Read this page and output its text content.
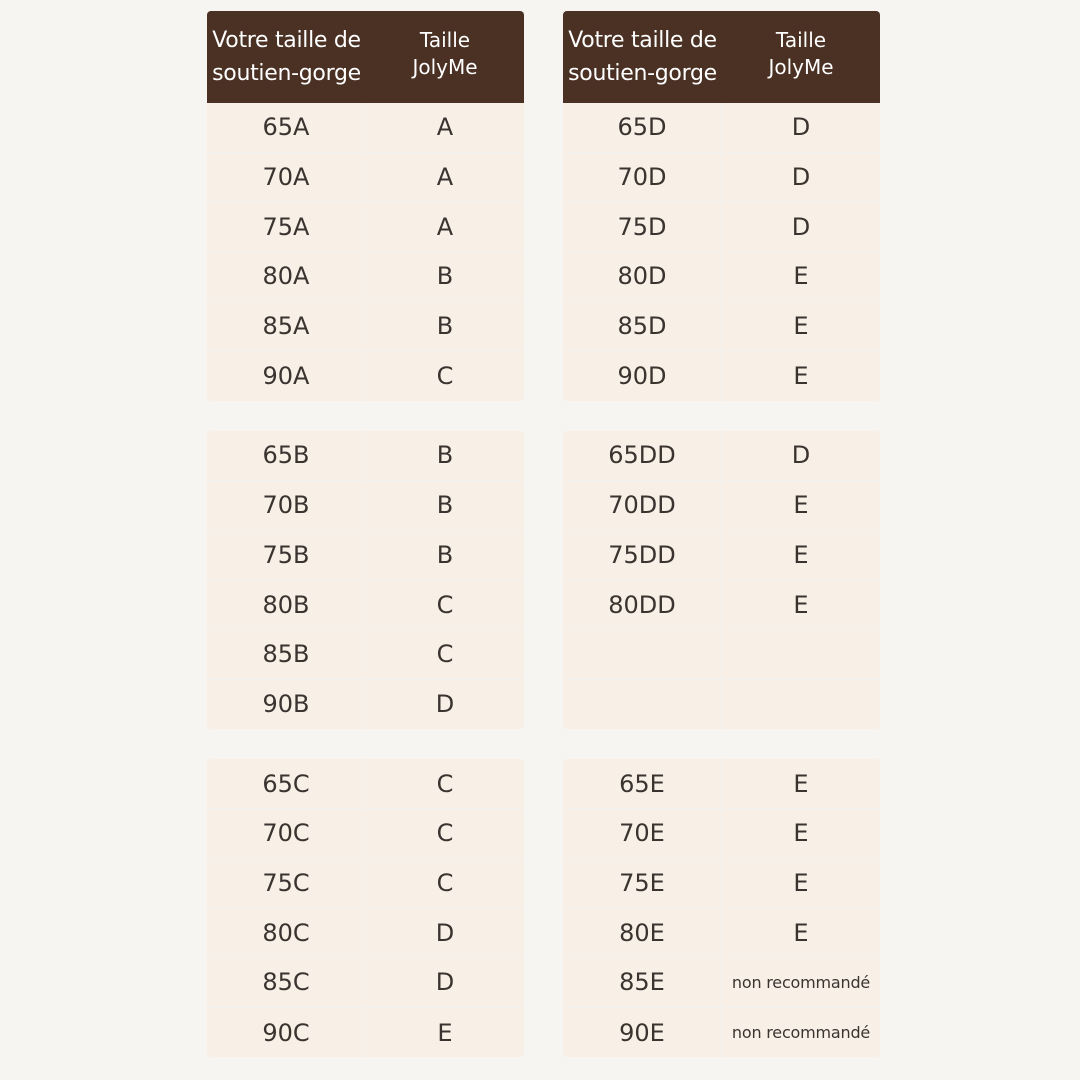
Votre taille de
soutien-gorge
Taille
JolyMe
65A	A
70A	A
75A	A
80A	B
85A	B
90A	C
65B	B
70B	B
75B	B
80B	C
85B	C
90B	D
65C	C
70C	C
75C	C
80C	D
85C	D
90C	E
Votre taille de
soutien-gorge
Taille
JolyMe
65D	D
70D	D
75D	D
80D	E
85D	E
90D	E
65DD	D
70DD	E
75DD	E
80DD	E
65E	E
70E	E
75E	E
80E	E
85E	non recommandé
90E	non recommandé
